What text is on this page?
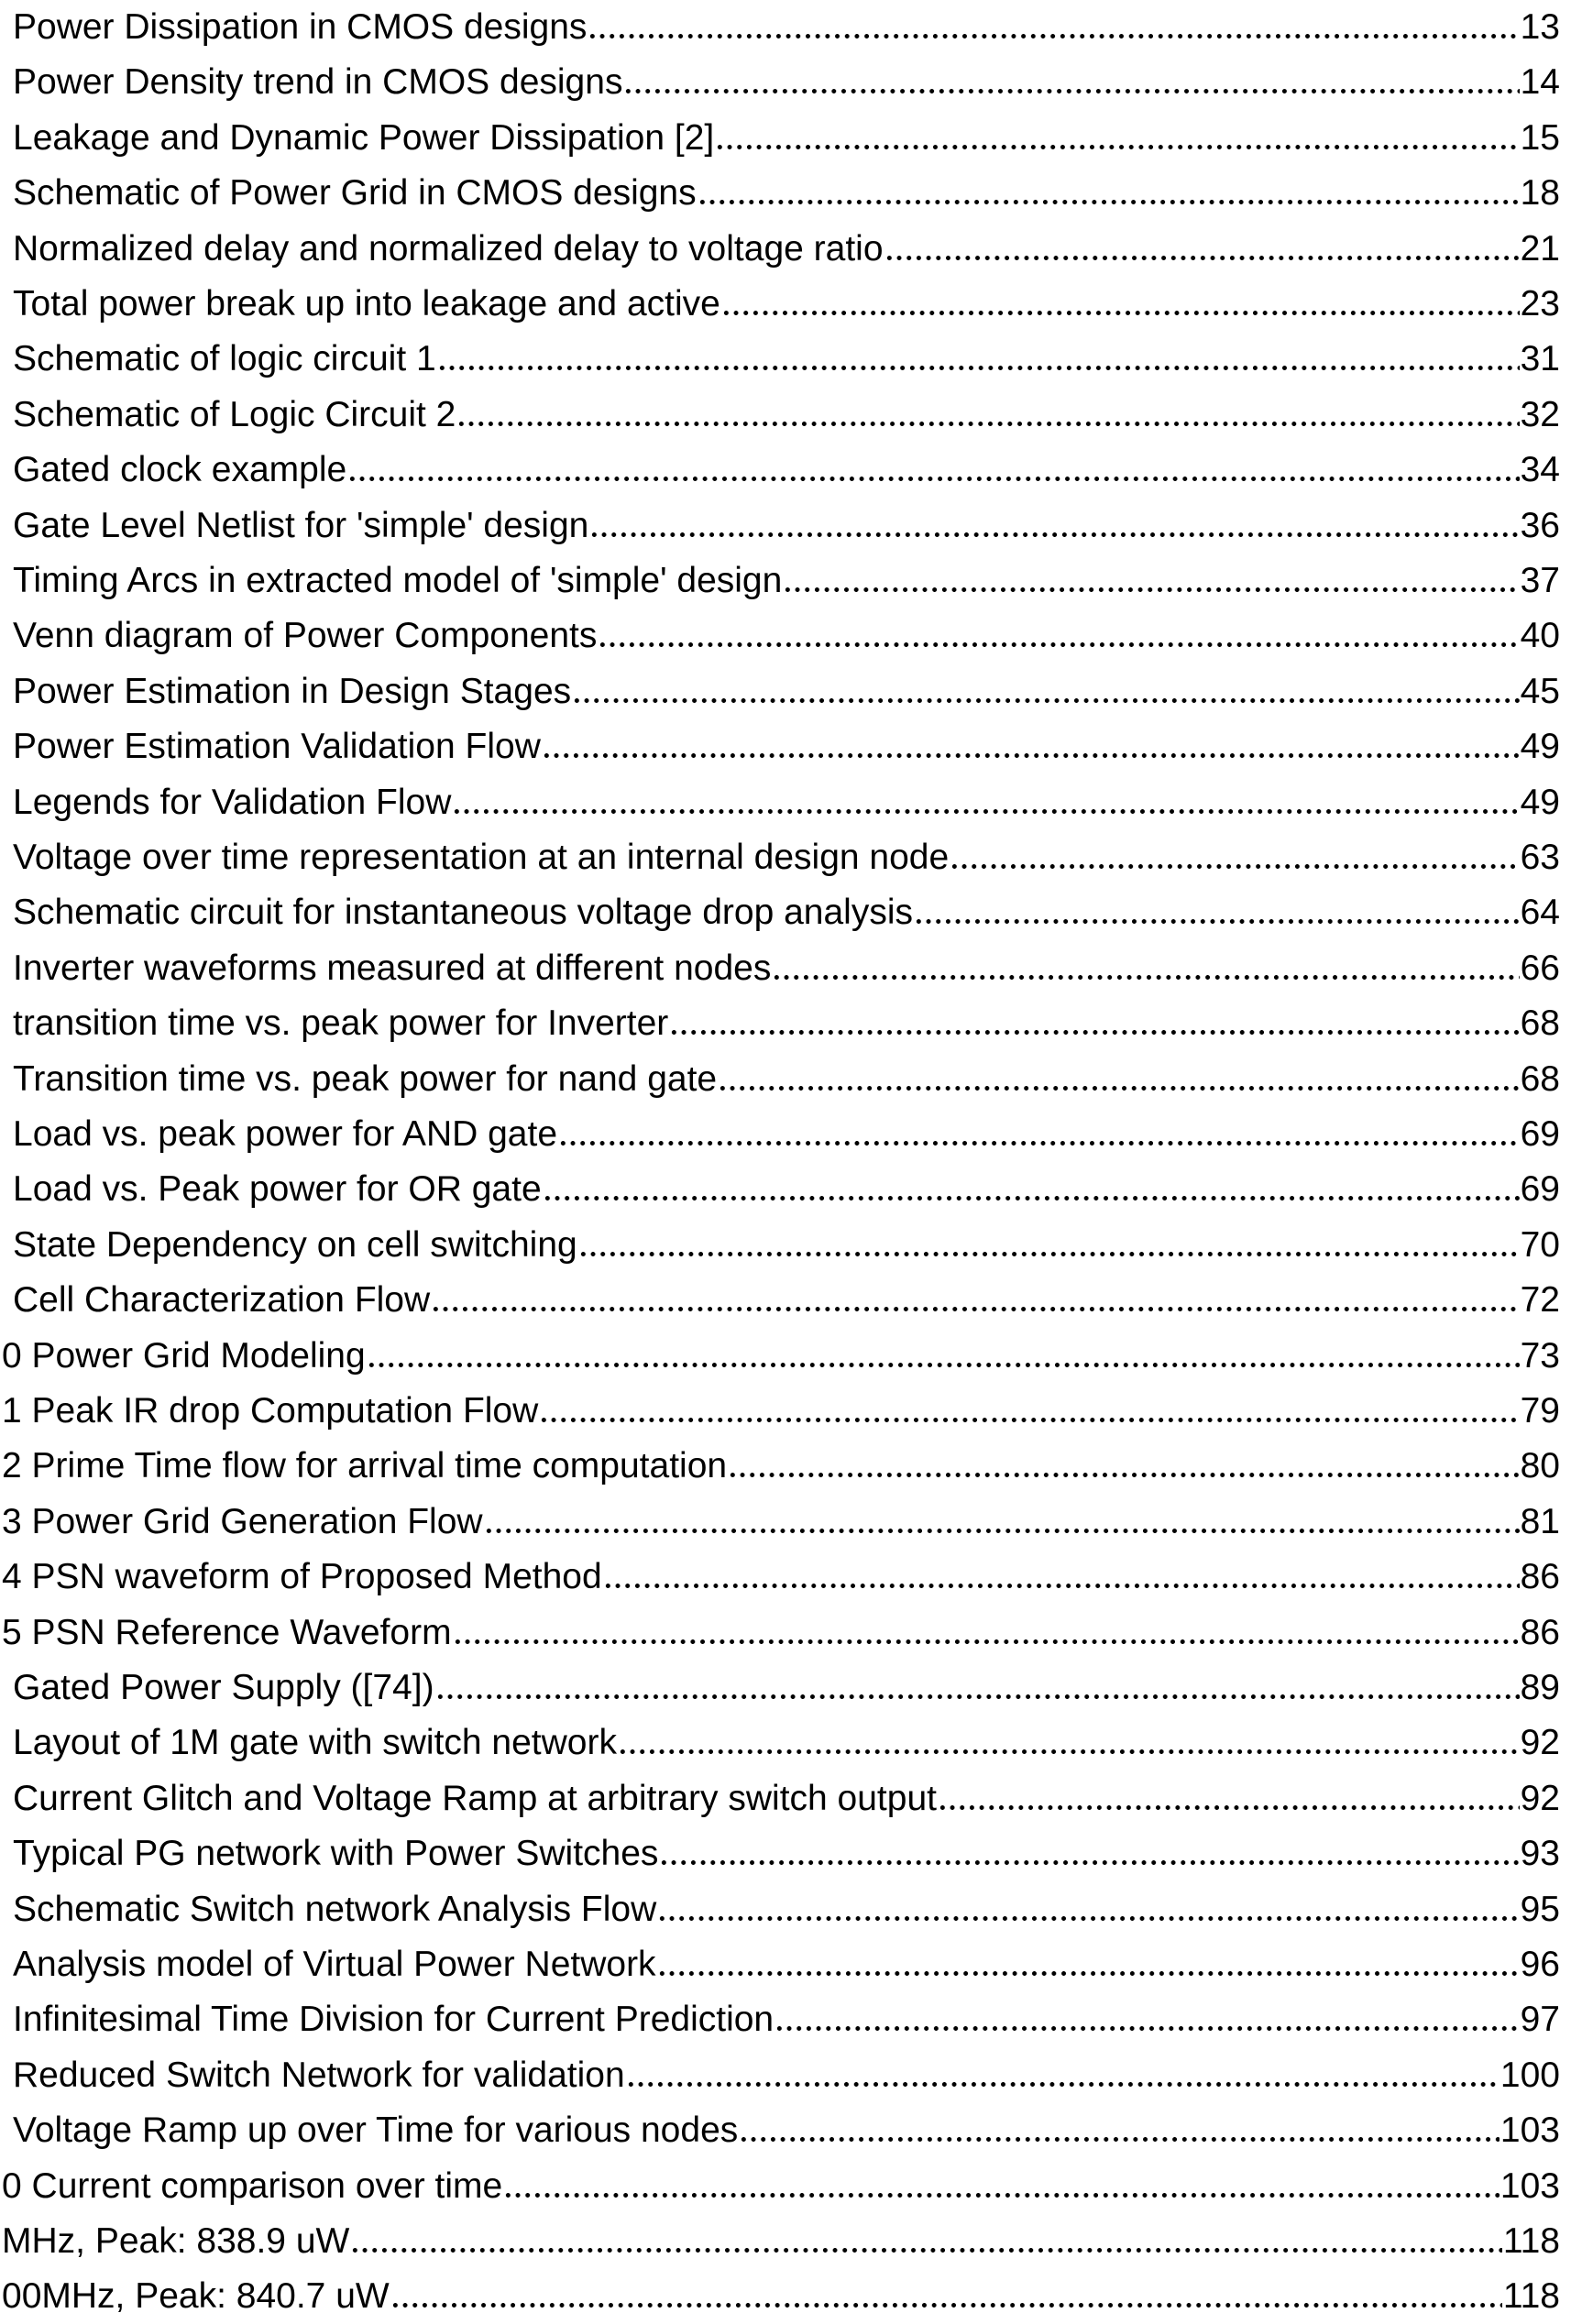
Power Dissipation in CMOS designs	13
Power Density trend in CMOS designs	14
Leakage and Dynamic Power Dissipation [2]	15
Schematic of Power Grid in CMOS designs	18
Normalized delay and normalized delay to voltage ratio	21
Total power break up into leakage and active	23
Schematic of logic circuit 1	31
Schematic of Logic Circuit 2	32
Gated clock example	34
Gate Level Netlist for 'simple' design	36
Timing Arcs in extracted model of 'simple' design	37
Venn diagram of Power Components	40
Power Estimation in Design Stages	45
Power Estimation Validation Flow	49
Legends for Validation Flow	49
Voltage over time representation at an internal design node	63
Schematic circuit for instantaneous voltage drop analysis	64
Inverter waveforms measured at different nodes	66
transition time vs. peak power for Inverter	68
Transition time vs. peak power for nand gate	68
Load vs. peak power for AND gate	69
Load vs. Peak power for OR gate	69
State Dependency on cell switching	70
Cell Characterization Flow	72
0 Power Grid Modeling	73
1 Peak IR drop Computation Flow	79
2 Prime Time flow for arrival time computation	80
3 Power Grid Generation Flow	81
4 PSN waveform of Proposed Method	86
5 PSN Reference Waveform	86
Gated Power Supply ([74])	89
Layout of 1M gate with switch network	92
Current Glitch and Voltage Ramp at arbitrary switch output	92
Typical PG network with Power Switches	93
Schematic Switch network Analysis Flow	95
Analysis model of Virtual Power Network	96
Infinitesimal Time Division for Current Prediction	97
Reduced Switch Network for validation	100
Voltage Ramp up over Time for various nodes	103
0 Current comparison over time	103
MHz, Peak: 838.9 uW	118
00MHz, Peak: 840.7 uW	118
